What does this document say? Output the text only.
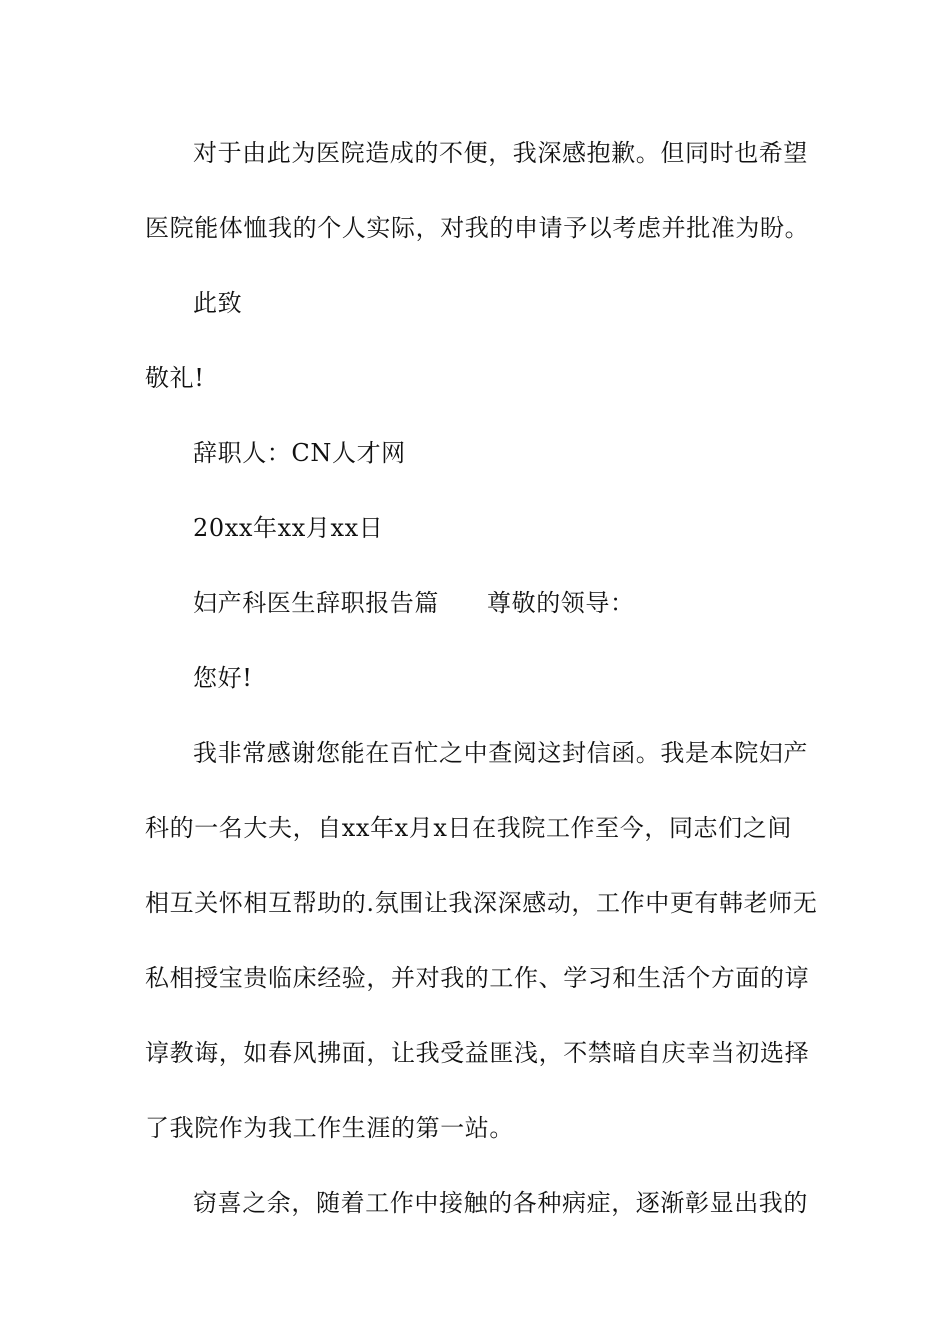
对于由此为医院造成的不便，我深感抱歉。但同时也希望
医院能体恤我的个人实际，对我的申请予以考虑并批准为盼。
此致
敬礼!
辞职人：CN人才网
20xx年xx月xx日
妇产科医生辞职报告篇 尊敬的领导：
您好!
我非常感谢您能在百忙之中查阅这封信函。我是本院妇产
科的一名大夫，自xx年x月x日在我院工作至今，同志们之间
相互关怀相互帮助的.氛围让我深深感动，工作中更有韩老师无
私相授宝贵临床经验，并对我的工作、学习和生活个方面的谆
谆教诲，如春风拂面，让我受益匪浅，不禁暗自庆幸当初选择
了我院作为我工作生涯的第一站。
窃喜之余，随着工作中接触的各种病症，逐渐彰显出我的
